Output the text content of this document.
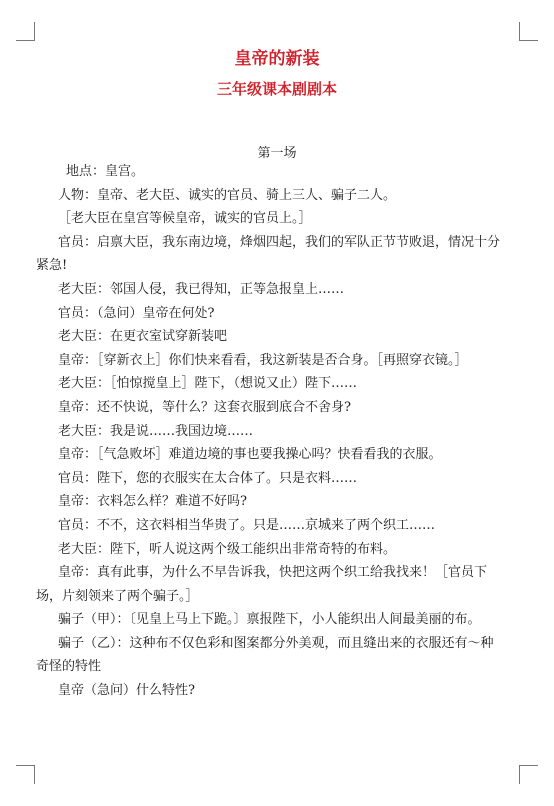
皇帝的新装
三年级课本剧剧本
第一场

地点：皇宫。

人物：皇帝、老大臣、诚实的官员、骑上三人、骗子二人。

［老大臣在皇宫等候皇帝，诚实的官员上。］

官员：启禀大臣，我东南边境，烽烟四起，我们的军队正节节败退，情况十分紧急!

老大臣：邻国人侵，我已得知，正等急报皇上……

官员：（急问）皇帝在何处?

老大臣：在更衣室试穿新装吧

皇帝：［穿新衣上］你们快来看看，我这新装是否合身。［再照穿衣镜。］

老大臣：［怕惊搅皇上］陛下，（想说又止）陛下……

皇帝：还不快说，等什么？这套衣服到底合不舍身?

老大臣：我是说……我国边境……

皇帝：［气急败坏］难道边境的事也要我操心吗？快看看我的衣服。

官员：陛下，您的衣服实在太合体了。只是衣料……

皇帝：衣料怎么样？难道不好吗?

官员：不不，这衣料相当华贵了。只是……京城来了两个织工……

老大臣：陛下，听人说这两个级工能织出非常奇特的布料。

皇帝：真有此事，为什么不早告诉我，快把这两个织工给我找来！［官员下场，片刻领来了两个骗子。］

骗子（甲）：〔见皇上马上下跪。〕禀报陛下，小人能织出人间最美丽的布。

骗子（乙）：这种布不仅色彩和图案都分外美观，而且缝出来的衣服还有～种奇怪的特性

皇帝（急问）什么特性?
